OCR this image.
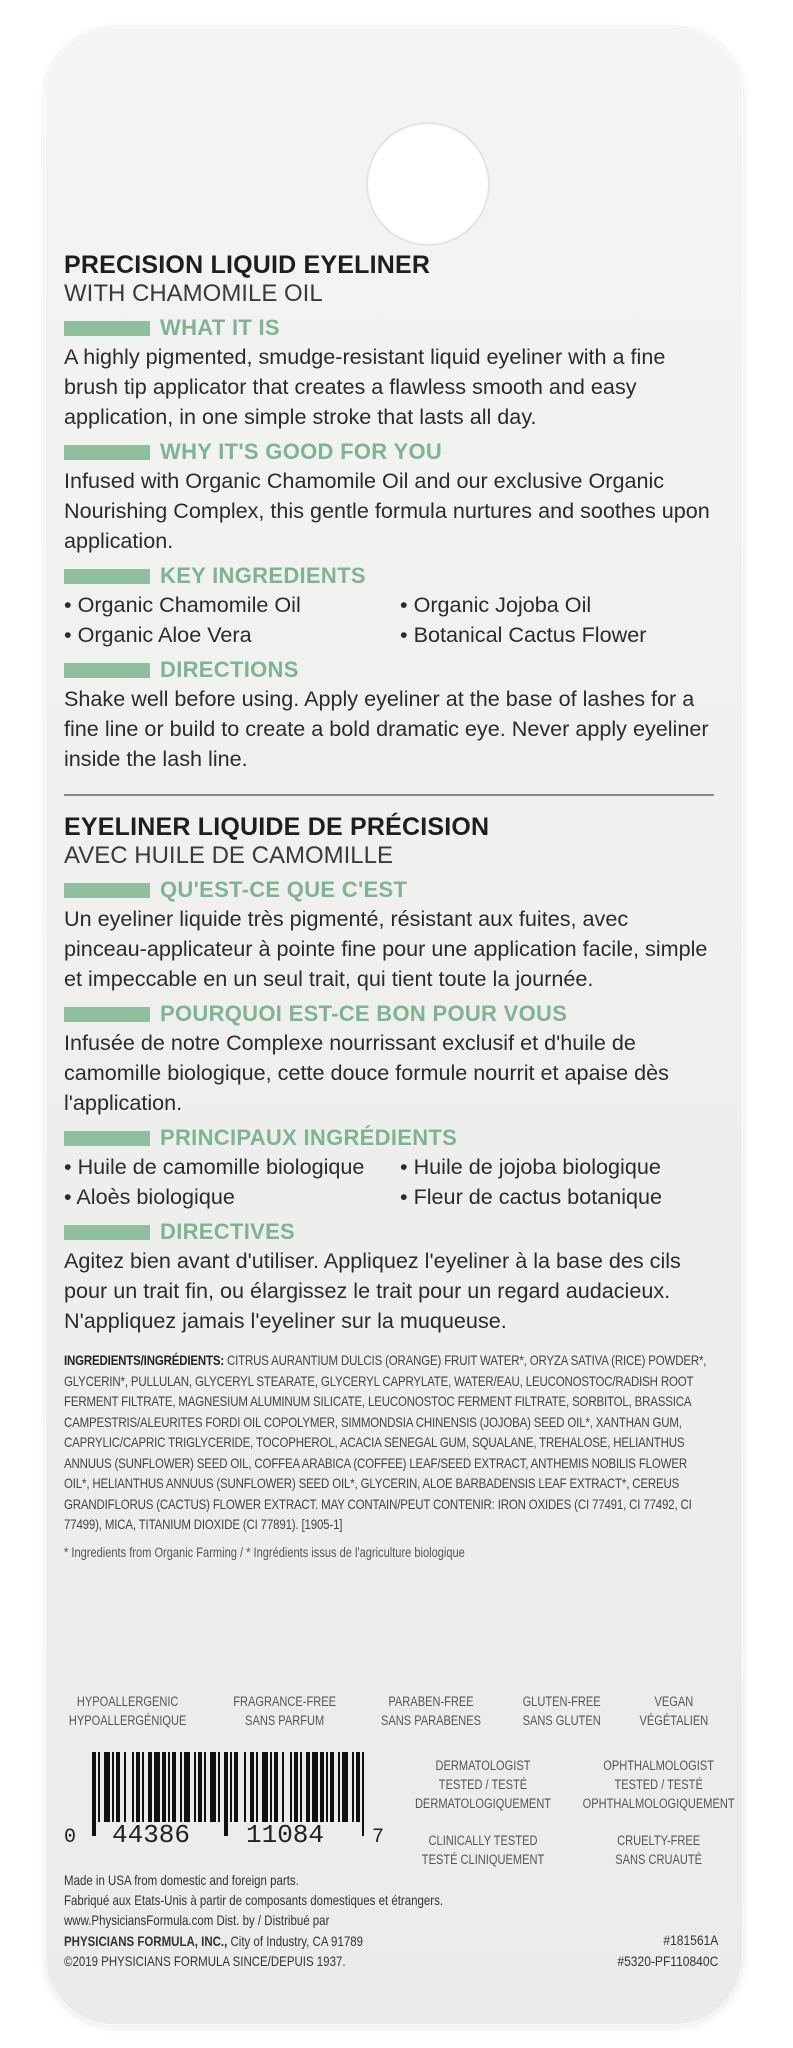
PRECISION LIQUID EYELINER
WITH CHAMOMILE OIL
WHAT IT IS
A highly pigmented, smudge-resistant liquid eyeliner with a fine brush tip applicator that creates a flawless smooth and easy application, in one simple stroke that lasts all day.
WHY IT'S GOOD FOR YOU
Infused with Organic Chamomile Oil and our exclusive Organic Nourishing Complex, this gentle formula nurtures and soothes upon application.
KEY INGREDIENTS
• Organic Chamomile Oil	• Organic Jojoba Oil
• Organic Aloe Vera	• Botanical Cactus Flower
DIRECTIONS
Shake well before using. Apply eyeliner at the base of lashes for a fine line or build to create a bold dramatic eye. Never apply eyeliner inside the lash line.
EYELINER LIQUIDE DE PRÉCISION
AVEC HUILE DE CAMOMILLE
QU'EST-CE QUE C'EST
Un eyeliner liquide très pigmenté, résistant aux fuites, avec pinceau-applicateur à pointe fine pour une application facile, simple et impeccable en un seul trait, qui tient toute la journée.
POURQUOI EST-CE BON POUR VOUS
Infusée de notre Complexe nourrissant exclusif et d'huile de camomille biologique, cette douce formule nourrit et apaise dès l'application.
PRINCIPAUX INGRÉDIENTS
• Huile de camomille biologique	• Huile de jojoba biologique
• Aloès biologique	• Fleur de cactus botanique
DIRECTIVES
Agitez bien avant d'utiliser. Appliquez l'eyeliner à la base des cils pour un trait fin, ou élargissez le trait pour un regard audacieux. N'appliquez jamais l'eyeliner sur la muqueuse.
INGREDIENTS/INGRÉDIENTS: CITRUS AURANTIUM DULCIS (ORANGE) FRUIT WATER*, ORYZA SATIVA (RICE) POWDER*, GLYCERIN*, PULLULAN, GLYCERYL STEARATE, GLYCERYL CAPRYLATE, WATER/EAU, LEUCONOSTOC/RADISH ROOT FERMENT FILTRATE, MAGNESIUM ALUMINUM SILICATE, LEUCONOSTOC FERMENT FILTRATE, SORBITOL, BRASSICA CAMPESTRIS/ALEURITES FORDI OIL COPOLYMER, SIMMONDSIA CHINENSIS (JOJOBA) SEED OIL*, XANTHAN GUM, CAPRYLIC/CAPRIC TRIGLYCERIDE, TOCOPHEROL, ACACIA SENEGAL GUM, SQUALANE, TREHALOSE, HELIANTHUS ANNUUS (SUNFLOWER) SEED OIL, COFFEA ARABICA (COFFEE) LEAF/SEED EXTRACT, ANTHEMIS NOBILIS FLOWER OIL*, HELIANTHUS ANNUUS (SUNFLOWER) SEED OIL*, GLYCERIN, ALOE BARBADENSIS LEAF EXTRACT*, CEREUS GRANDIFLORUS (CACTUS) FLOWER EXTRACT. MAY CONTAIN/PEUT CONTENIR: IRON OXIDES (CI 77491, CI 77492, CI 77499), MICA, TITANIUM DIOXIDE (CI 77891). [1905-1]
* Ingredients from Organic Farming / * Ingrédients issus de l'agriculture biologique
HYPOALLERGENIC
HYPOALLERGÉNIQUE
FRAGRANCE-FREE
SANS PARFUM
PARABEN-FREE
SANS PARABENES
GLUTEN-FREE
SANS GLUTEN
VEGAN
VÉGÉTALIEN
0 44386 11084 7
DERMATOLOGIST TESTED / TESTÉ
DERMATOLOGIQUEMENT
OPHTHALMOLOGIST TESTED / TESTÉ
OPHTHALMOLOGIQUEMENT
CLINICALLY TESTED
TESTÉ CLINIQUEMENT
CRUELTY-FREE
SANS CRUAUTÉ
Made in USA from domestic and foreign parts.
Fabriqué aux Etats-Unis à partir de composants domestiques et étrangers.
www.PhysiciansFormula.com Dist. by / Distribué par
PHYSICIANS FORMULA, INC., City of Industry, CA 91789
©2019 PHYSICIANS FORMULA SINCE/DEPUIS 1937.
#181561A
#5320-PF110840C
